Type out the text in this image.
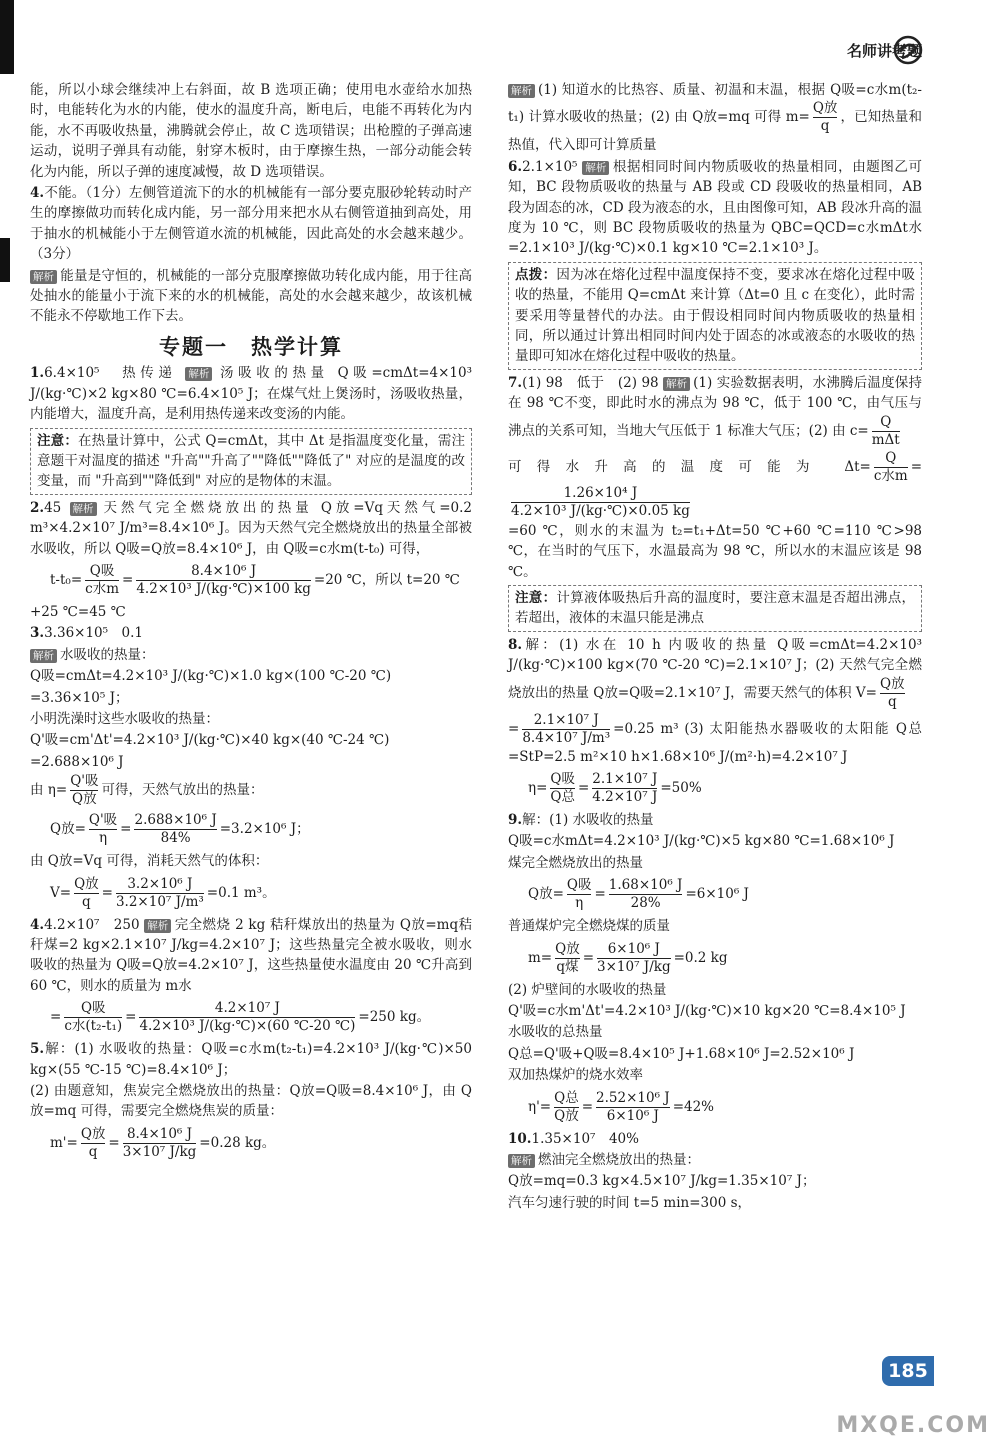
名师讲考题

能，所以小球会继续冲上右斜面，故 B 选项正确；使用电水壶给水加热时，电能转化为水的内能，使水的温度升高，断电后，电能不再转化为内能，水不再吸收热量，沸腾就会停止，故 C 选项错误；出枪膛的子弹高速运动，说明子弹具有动能，射穿木板时，由于摩擦生热，一部分动能会转化为内能，所以子弹的速度减慢，故 D 选项错误。

4.不能。（1分）左侧管道流下的水的机械能有一部分要克服砂轮转动时产生的摩擦做功而转化成内能，另一部分用来把水从右侧管道抽到高处，用于抽水的机械能小于左侧管道水流的机械能，因此高处的水会越来越少。（3分）

解析 能量是守恒的，机械能的一部分克服摩擦做功转化成内能，用于往高处抽水的能量小于流下来的水的机械能，高处的水会越来越少，故该机械不能永不停歇地工作下去。

专题一　热学计算

1.6.4×10⁵　热传递 解析 汤吸收的热量 Q吸=cmΔt=4×10³ J/(kg·℃)×2 kg×80 ℃=6.4×10⁵ J；在煤气灶上煲汤时，汤吸收热量，内能增大，温度升高，是利用热传递来改变汤的内能。

注意：在热量计算中，公式 Q=cmΔt，其中 Δt 是指温度变化量，需注意题干对温度的描述 "升高""升高了""降低""降低了" 对应的是温度的改变量，而 "升高到""降低到" 对应的是物体的末温。

2.45 解析 天然气完全燃烧放出的热量 Q放=Vq天然气=0.2 m³×4.2×10⁷ J/m³=8.4×10⁶ J。因为天然气完全燃烧放出的热量全部被水吸收，所以 Q吸=Q放=8.4×10⁶ J，由 Q吸=c水m(t-t₀) 可得，

$t-t_0= \frac{\text{Q吸}}{\text{c水m}} = \frac{\text{8.4×10⁶ J}}{\text{4.2×10³ J/(kg·℃)×100 kg}} =20$ ℃，所以 t=20 ℃

+25 ℃=45 ℃

3.3.36×10⁵　0.1

解析 水吸收的热量：

Q吸=cmΔt=4.2×10³ J/(kg·℃)×1.0 kg×(100 ℃-20 ℃)

=3.36×10⁵ J；

小明洗澡时这些水吸收的热量：

Q'吸=cm'Δt'=4.2×10³ J/(kg·℃)×40 kg×(40 ℃-24 ℃)

=2.688×10⁶ J

由 $\eta= \frac{\text{Q'吸}}{\text{Q放}}$ 可得，天然气放出的热量：

Q放= $\frac{\text{Q'吸}}{\eta} = \frac{\text{2.688×10⁶ J}}{84\%} =3.2\times 10^6$ J；

由 Q放=Vq 可得，消耗天然气的体积：

$V= \frac{\text{Q放}}{q} = \frac{\text{3.2×10⁶ J}}{\text{3.2×10⁷ J/m³}} =0.1$ m³。

4.4.2×10⁷　250 解析 完全燃烧 2 kg 秸秆煤放出的热量为 Q放=mq秸秆煤=2 kg×2.1×10⁷ J/kg=4.2×10⁷ J；这些热量完全被水吸收，则水吸收的热量为 Q吸=Q放=4.2×10⁷ J，这些热量使水温度由 20 ℃升高到 60 ℃，则水的质量为 m水

= $\frac{\text{Q吸}}{\text{c水(t₂-t₁)}} = \frac{\text{4.2×10⁷ J}}{\text{4.2×10³ J/(kg·℃)×(60 ℃-20 ℃)}} =250$ kg。

5.解：(1) 水吸收的热量：Q吸=c水m(t₂-t₁)=4.2×10³ J/(kg·℃)×50 kg×(55 ℃-15 ℃)=8.4×10⁶ J；

(2) 由题意知，焦炭完全燃烧放出的热量：Q放=Q吸=8.4×10⁶ J，由 Q放=mq 可得，需要完全燃烧焦炭的质量：

$m'= \frac{\text{Q放}}{q} = \frac{\text{8.4×10⁶ J}}{\text{3×10⁷ J/kg}} =0.28$ kg。

解析 (1) 知道水的比热容、质量、初温和末温，根据 Q吸=c水m(t₂-t₁) 计算水吸收的热量；(2) 由 Q放=mq 可得 $m= \frac{\text{Q放}}{q}$ ，已知热量和热值，代入即可计算质量

6.2.1×10⁵ 解析 根据相同时间内物质吸收的热量相同，由题图乙可知，BC 段物质吸收的热量与 AB 段或 CD 段吸收的热量相同，AB 段为固态的冰，CD 段为液态的水，且由图像可知，AB 段冰升高的温度为 10 ℃，则 BC 段物质吸收的热量为 QBC=QCD=c水mΔt水=2.1×10³ J/(kg·℃)×0.1 kg×10 ℃=2.1×10³ J。

点拨：因为冰在熔化过程中温度保持不变，要求冰在熔化过程中吸收的热量，不能用 Q=cmΔt 来计算（Δt=0 且 c 在变化），此时需要采用等量替代的办法。由于假设相同时间内物质吸收的热量相同，所以通过计算出相同时间内处于固态的冰或液态的水吸收的热量即可知冰在熔化过程中吸收的热量。

7.(1) 98　低于　(2) 98 解析 (1) 实验数据表明，水沸腾后温度保持在 98 ℃不变，即此时水的沸点为 98 ℃，低于 100 ℃，由气压与沸点的关系可知，当地大气压低于 1 标准大气压；(2) 由 $c= \frac{Q}{\text{mΔt}}$

可得水升高的温度可能为 $\Delta t= \frac{Q}{\text{c水m}}$ =
$\frac{\text{1.26×10⁴ J}}{\text{4.2×10³ J/(kg·℃)×0.05 kg}}$

=60 ℃，则水的末温为 t₂=t₁+Δt=50 ℃+60 ℃=110 ℃>98 ℃，在当时的气压下，水温最高为 98 ℃，所以水的末温应该是 98 ℃。

注意：计算液体吸热后升高的温度时，要注意末温是否超出沸点，若超出，液体的末温只能是沸点

8.解：(1) 水在 10 h 内吸收的热量 Q吸=cmΔt=4.2×10³ J/(kg·℃)×100 kg×(70 ℃-20 ℃)=2.1×10⁷ J；(2) 天然气完全燃烧放出的热量 Q放=Q吸=2.1×10⁷ J，需要天然气的体积 $V= \frac{\text{Q放}}{q}$

= $\frac{\text{2.1×10⁷ J}}{\text{8.4×10⁷ J/m³}} =0.25$ m³ (3) 太阳能热水器吸收的太阳能 Q总=StP=2.5 m²×10 h×1.68×10⁶ J/(m²·h)=4.2×10⁷ J

$\eta= \frac{\text{Q吸}}{\text{Q总}} = \frac{\text{2.1×10⁷ J}}{\text{4.2×10⁷ J}} =50\%$

9.解：(1) 水吸收的热量

Q吸=c水mΔt=4.2×10³ J/(kg·℃)×5 kg×80 ℃=1.68×10⁶ J

煤完全燃烧放出的热量

Q放= $\frac{\text{Q吸}}{\eta} = \frac{\text{1.68×10⁶ J}}{28\%} =6\times 10^6$ J

普通煤炉完全燃烧煤的质量

$m= \frac{\text{Q放}}{\text{q煤}} = \frac{\text{6×10⁶ J}}{\text{3×10⁷ J/kg}} =0.2$ kg

(2) 炉壁间的水吸收的热量

Q'吸=c水m'Δt'=4.2×10³ J/(kg·℃)×10 kg×20 ℃=8.4×10⁵ J

水吸收的总热量

Q总=Q'吸+Q吸=8.4×10⁵ J+1.68×10⁶ J=2.52×10⁶ J

双加热煤炉的烧水效率

$\eta'= \frac{\text{Q总}}{\text{Q放}} = \frac{\text{2.52×10⁶ J}}{\text{6×10⁶ J}} =42\%$

10.1.35×10⁷　40%

解析 燃油完全燃烧放出的热量：

Q放=mq=0.3 kg×4.5×10⁷ J/kg=1.35×10⁷ J；

汽车匀速行驶的时间 t=5 min=300 s，

185
MXQE.COM
